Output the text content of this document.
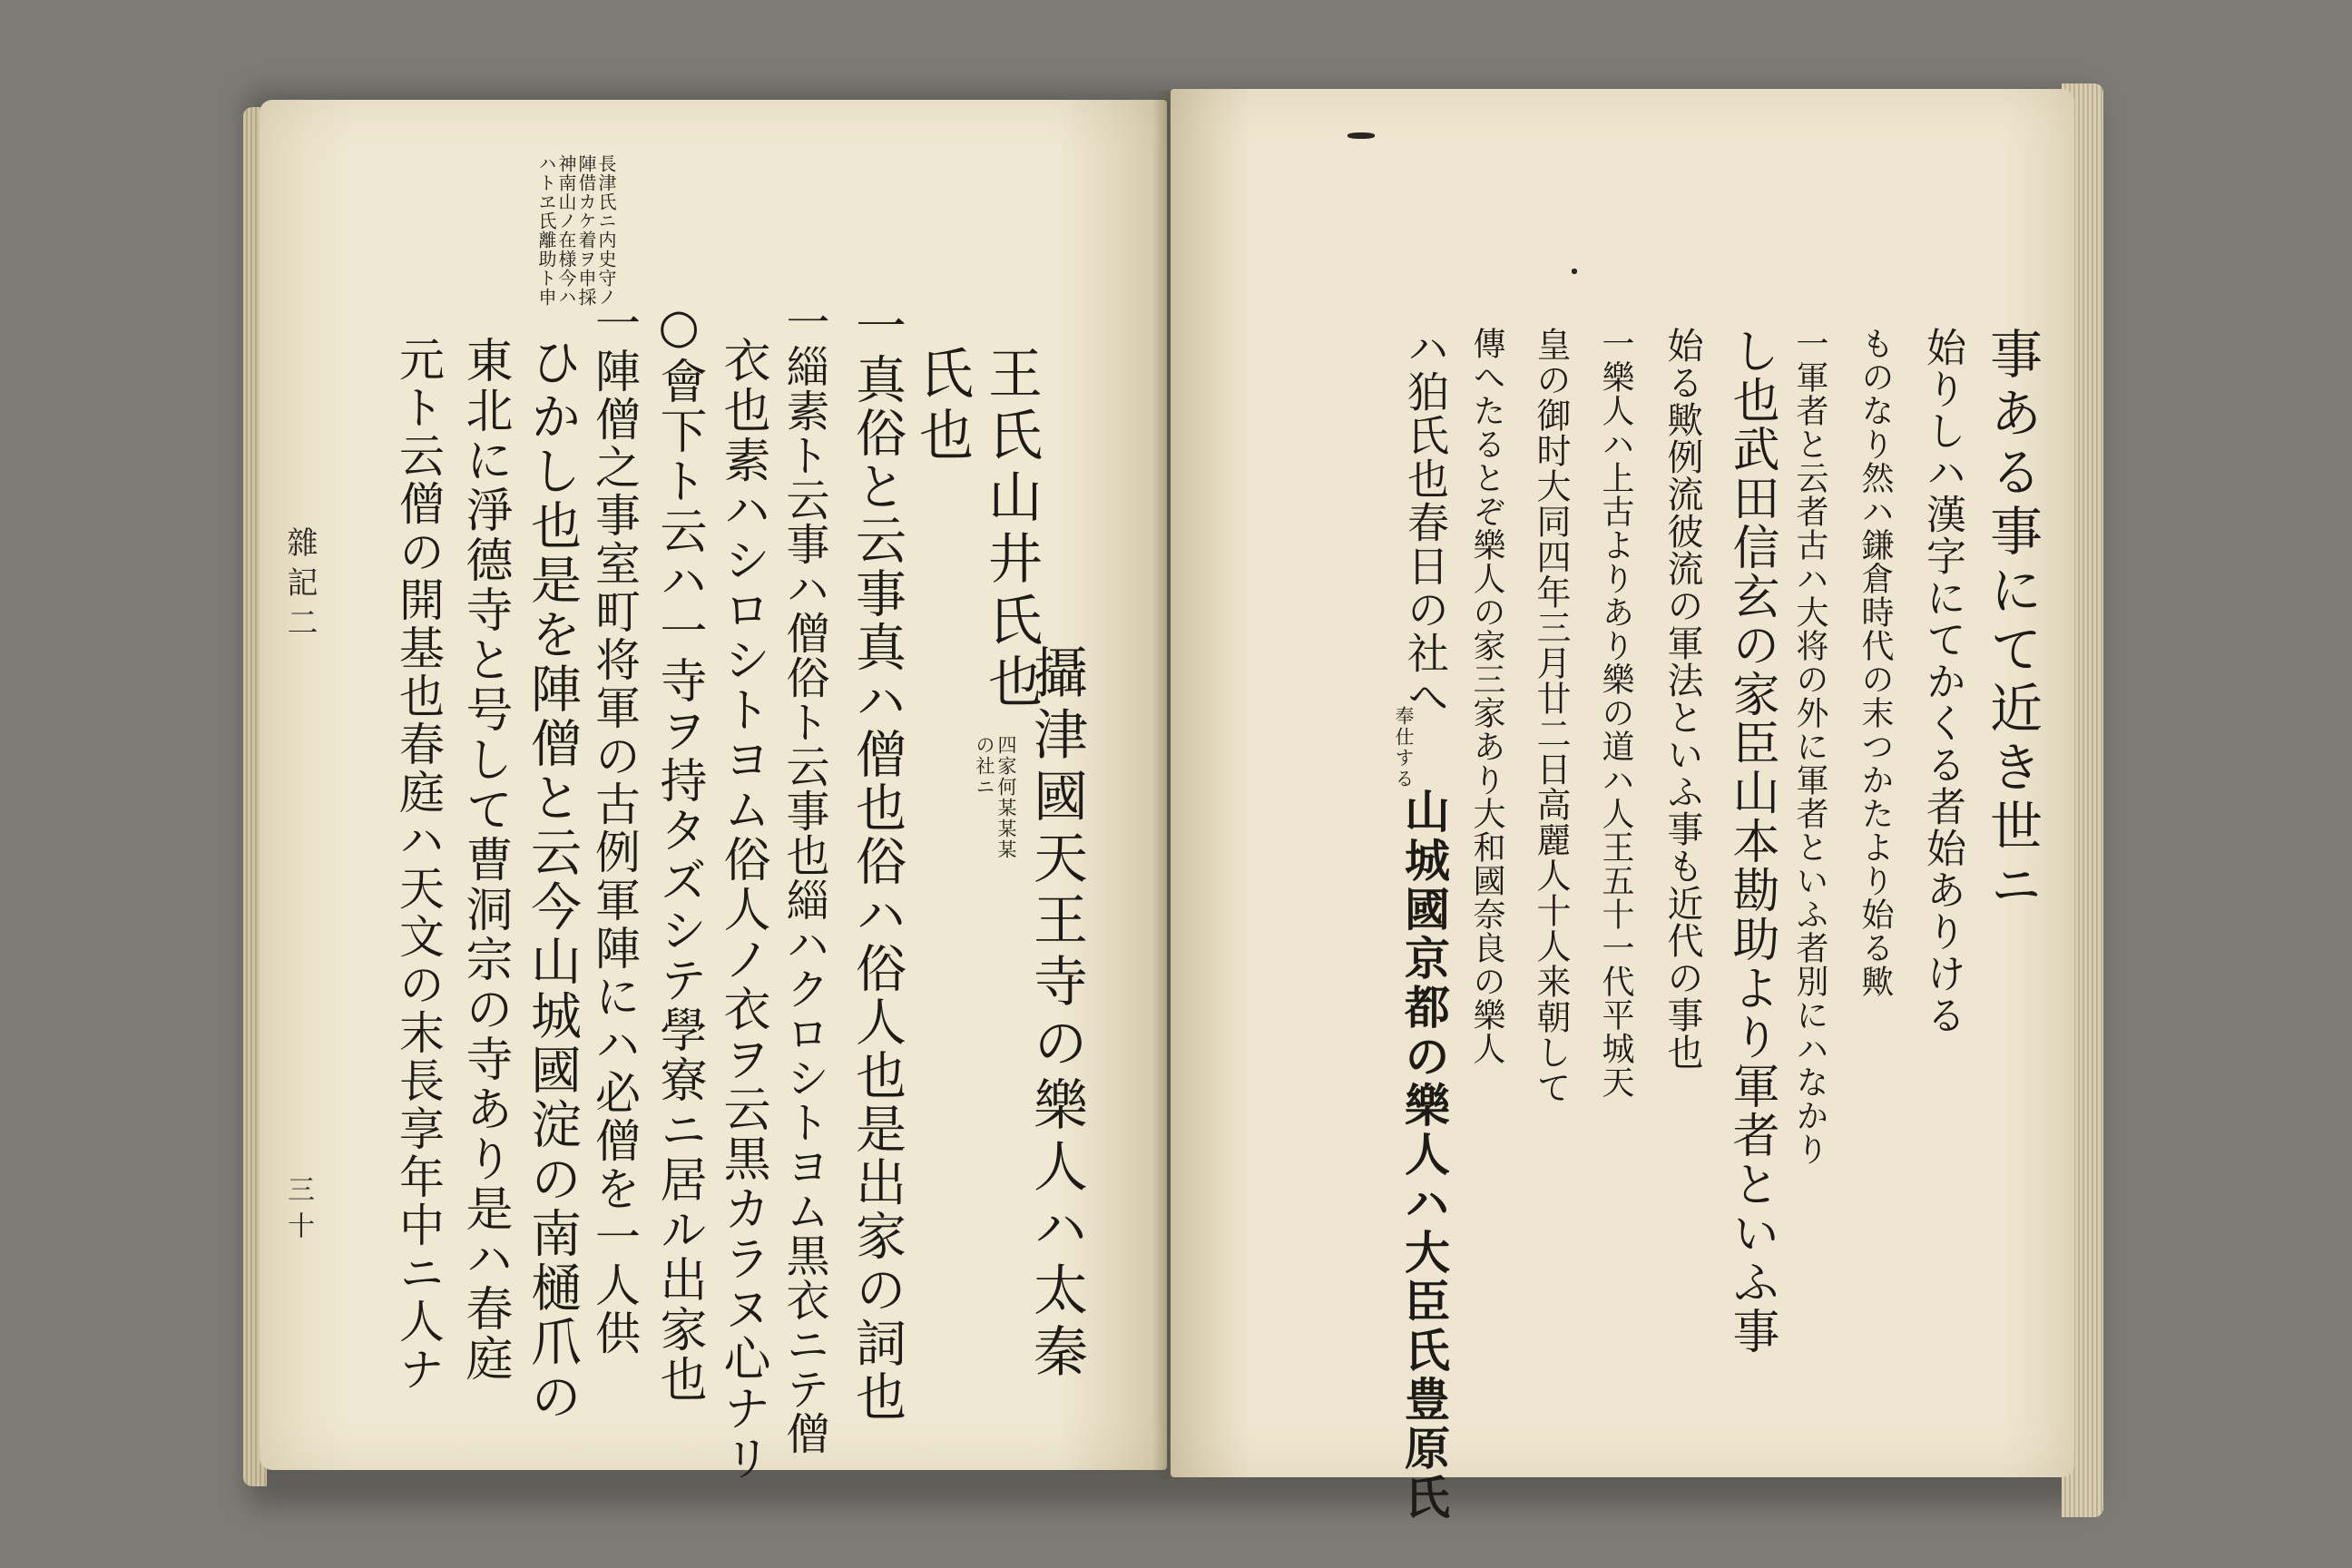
長津氏ニ内史守ノ
陣借カケ着ヲ申採
神南山ノ在様今ハ
ハトヱ氏離助ト申
攝津國天王寺の樂人ハ太秦
王氏山井氏也
四家何某某某
の社ニ
氏也
一真俗と云事真ハ僧也俗ハ俗人也是出家の詞也
一緇素ト云事ハ僧俗ト云事也緇ハクロシトヨム黒衣ニテ僧
衣也素ハシロシトヨム俗人ノ衣ヲ云黒カラヌ心ナリ
○會下ト云ハ一寺ヲ持タズシテ學寮ニ居ル出家也
一陣僧之事室町将軍の古例軍陣にハ必僧を一人供
ひかし也是を陣僧と云今山城國淀の南樋爪の
東北に淨德寺と号して曹洞宗の寺あり是ハ春庭
元ト云僧の開基也春庭ハ天文の末長享年中ニ人ナ
雜記二
三十
事ある事にて近き世ニ
始りしハ漢字にてかくる者始ありける
ものなり然ハ鎌倉時代の末つかたより始る歟
一軍者と云者古ハ大将の外に軍者といふ者別にハなかり
し也武田信玄の家臣山本勘助より軍者といふ事
始る歟例流彼流の軍法といふ事も近代の事也
一樂人ハ上古よりあり樂の道ハ人王五十一代平城天
皇の御时大同四年三月廿二日高麗人十人来朝して
傳へたるとぞ樂人の家三家あり大和國奈良の樂人
ハ狛氏也春日の社へ
奉仕する
山城國京都の樂人ハ大臣氏豊原氏
